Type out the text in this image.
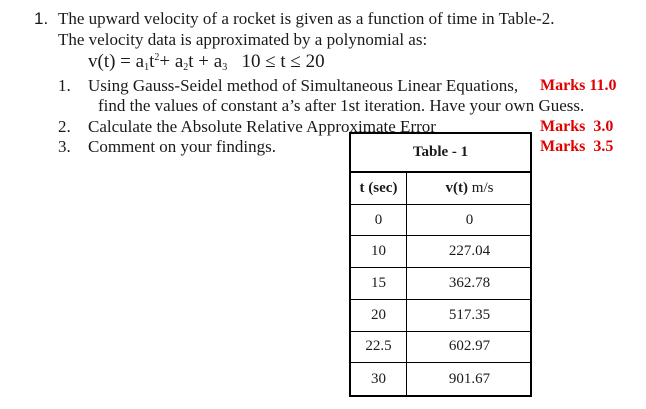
1. The upward velocity of a rocket is given as a function of time in Table-2.
The velocity data is approximated by a polynomial as:
$v(t) = a_1t^2+ a_2t + a_3$ 10 ≤ t ≤ 20
1. Using Gauss-Seidel method of Simultaneous Linear Equations, Marks 11.0
find the values of constant a’s after 1st iteration. Have your own Guess.
2. Calculate the Absolute Relative Approximate Error	Marks  3.0
3. Comment on your findings.	Marks  3.5
Table - 1
t (sec)	v(t) m/s
0	0
10	227.04
15	362.78
20	517.35
22.5	602.97
30	901.67
